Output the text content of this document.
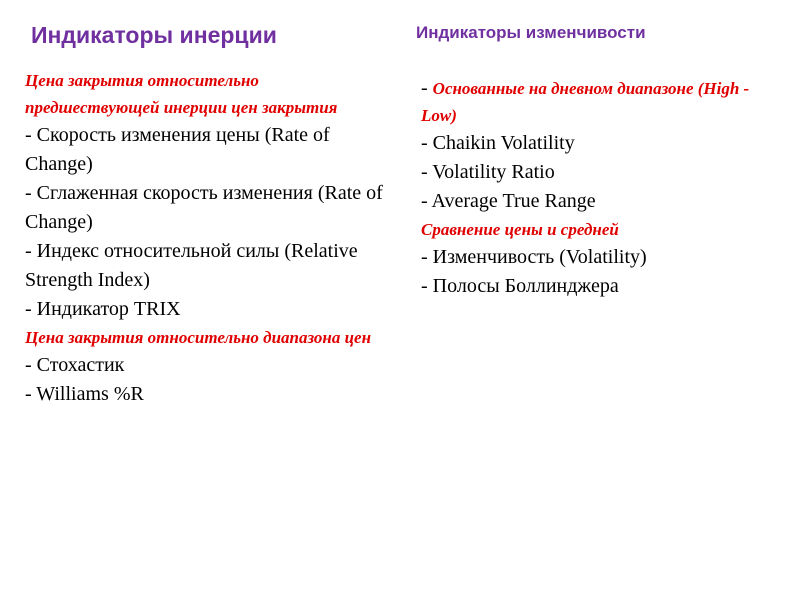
Индикаторы инерции	Индикаторы изменчивости

Цена закрытия относительно предшествующей инерции цен закрытия

- Скорость изменения цены (Rate of Change)

- Сглаженная скорость изменения (Rate of Change)

- Индекс относительной силы (Relative Strength Index)

- Индикатор TRIX

Цена закрытия относительно диапазона цен

- Стохастик

- Williams %R

- Основанные на дневном диапазоне (High - Low)

- Chaikin Volatility

- Volatility Ratio

- Average True Range

Сравнение цены и средней

- Изменчивость (Volatility)

- Полосы Боллинджера
